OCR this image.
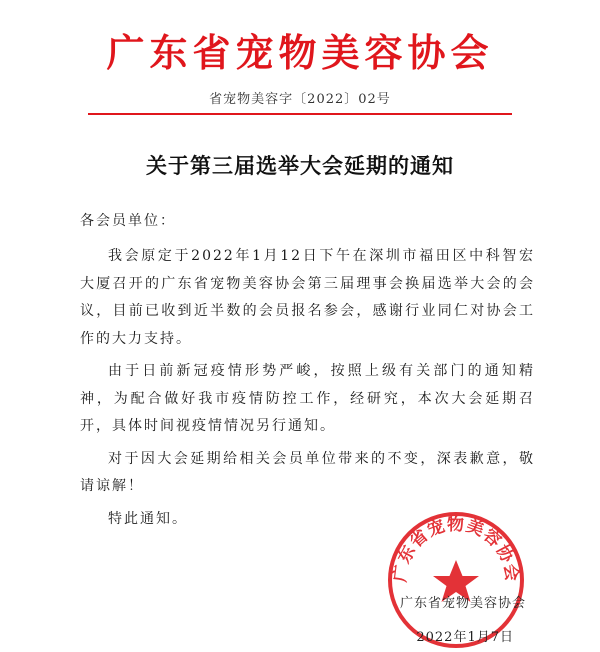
广东省宠物美容协会
省宠物美容字〔2022〕02号
关于第三届选举大会延期的通知
各会员单位：

我会原定于2022年1月12日下午在深圳市福田区中科智宏大厦召开的广东省宠物美容协会第三届理事会换届选举大会的会议，目前已收到近半数的会员报名参会，感谢行业同仁对协会工作的大力支持。

由于日前新冠疫情形势严峻，按照上级有关部门的通知精神，为配合做好我市疫情防控工作，经研究，本次大会延期召开，具体时间视疫情情况另行通知。

对于因大会延期给相关会员单位带来的不变，深表歉意，敬请谅解！

特此通知。

广东省宠物美容协会
广东省宠物美容协会
2022年1月7日
